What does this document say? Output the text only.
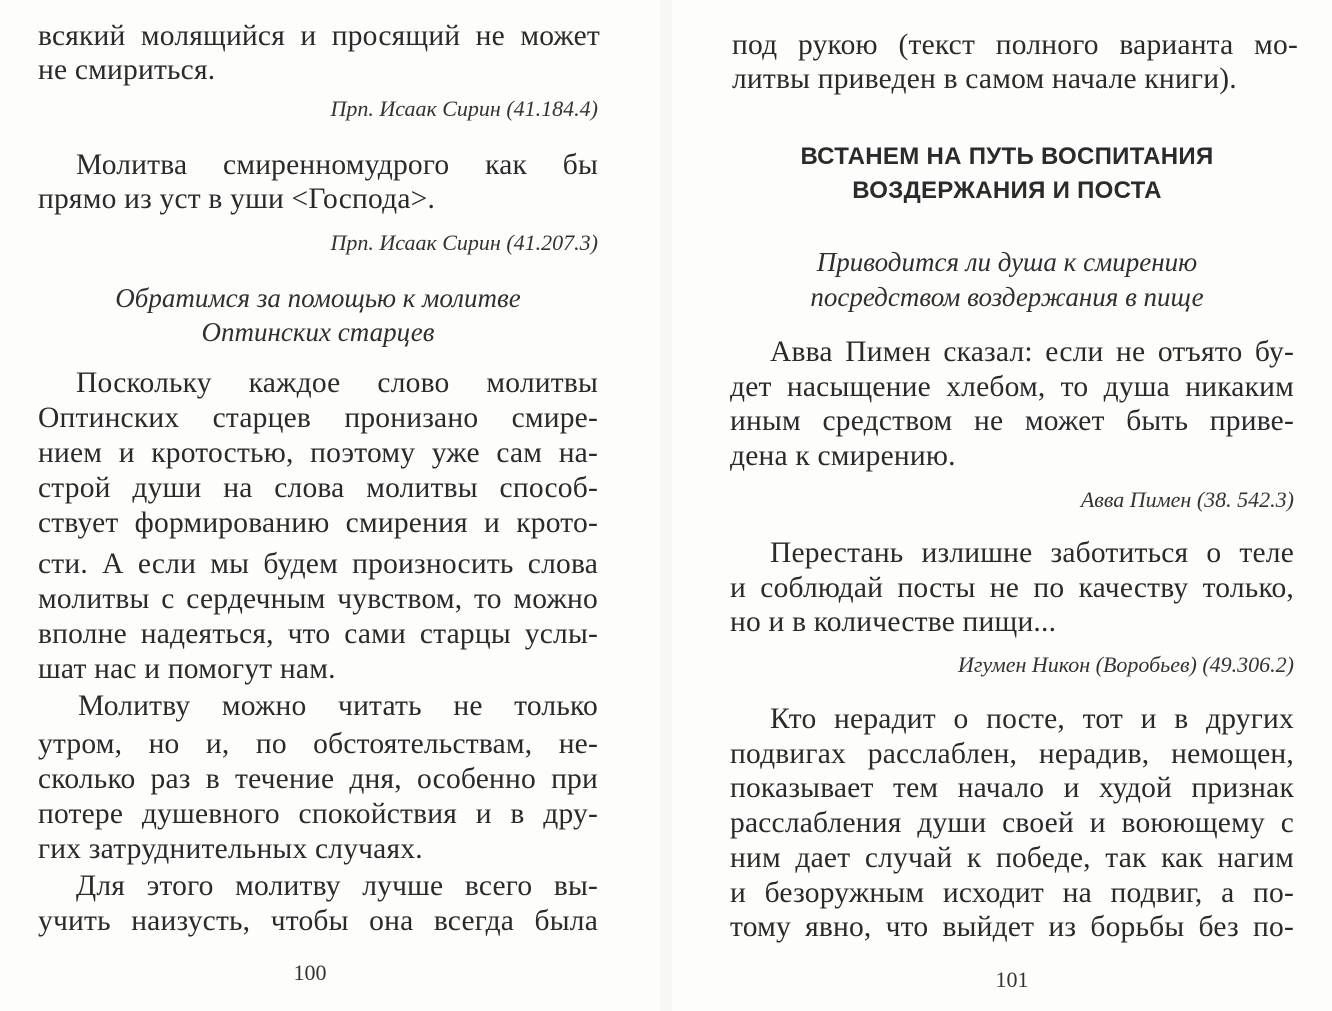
всякий молящийся и просящий не может
не смириться.
Прп. Исаак Сирин (41.184.4)
Молитва смиренномудрого как бы
прямо из уст в уши <Господа>.
Прп. Исаак Сирин (41.207.3)
Обратимся за помощью к молитве
Оптинских старцев
Поскольку каждое слово молитвы
Оптинских старцев пронизано смире-
нием и кротостью, поэтому уже сам на-
строй души на слова молитвы способ-
ствует формированию смирения и крото-
сти. А если мы будем произносить слова
молитвы с сердечным чувством, то можно
вполне надеяться, что сами старцы услы-
шат нас и помогут нам.
Молитву можно читать не только
утром, но и, по обстоятельствам, не-
сколько раз в течение дня, особенно при
потере душевного спокойствия и в дру-
гих затруднительных случаях.
Для этого молитву лучше всего вы-
учить наизусть, чтобы она всегда была
100
под рукою (текст полного варианта мо-
литвы приведен в самом начале книги).
ВСТАНЕМ НА ПУТЬ ВОСПИТАНИЯ
ВОЗДЕРЖАНИЯ И ПОСТА
Приводится ли душа к смирению
посредством воздержания в пище
Авва Пимен сказал: если не отъято бу-
дет насыщение хлебом, то душа никаким
иным средством не может быть приве-
дена к смирению.
Авва Пимен (38. 542.3)
Перестань излишне заботиться о теле
и соблюдай посты не по качеству только,
но и в количестве пищи...
Игумен Никон (Воробьев) (49.306.2)
Кто нерадит о посте, тот и в других
подвигах расслаблен, нерадив, немощен,
показывает тем начало и худой признак
расслабления души своей и воюющему с
ним дает случай к победе, так как нагим
и безоружным исходит на подвиг, а по-
тому явно, что выйдет из борьбы без по-
101
